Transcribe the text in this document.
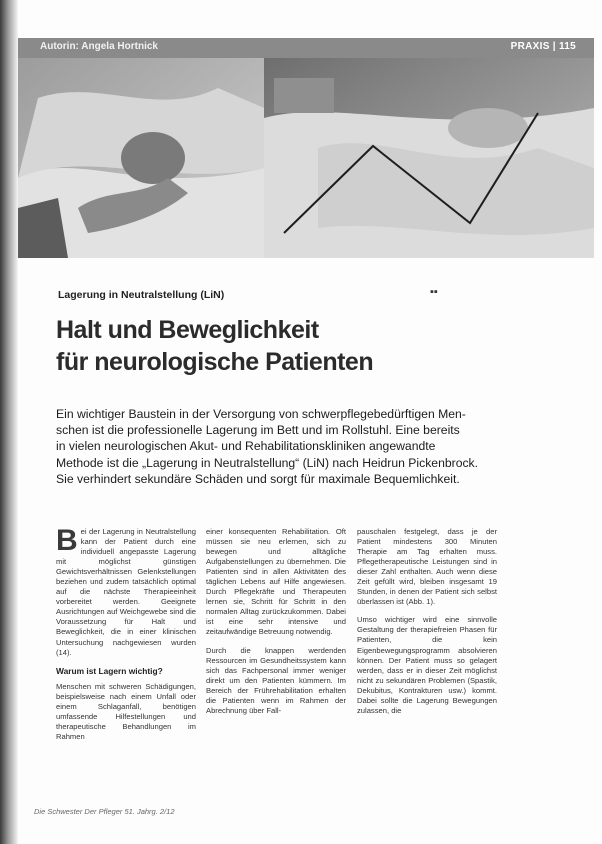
Autorin: Angela Hortnick	PRAXIS | 115
Lagerung in Neutralstellung (LiN)	▪▪
Halt und Beweglichkeit
für neurologische Patienten
Ein wichtiger Baustein in der Versorgung von schwerpflegebedürftigen Men-
schen ist die professionelle Lagerung im Bett und im Rollstuhl. Eine bereits
in vielen neurologischen Akut- und Rehabilitationskliniken angewandte
Methode ist die „Lagerung in Neutralstellung“ (LiN) nach Heidrun Pickenbrock.
Sie verhindert sekundäre Schäden und sorgt für maximale Bequemlichkeit.

Bei der Lagerung in Neutralstellung kann der Patient durch eine individuell angepasste Lagerung mit möglichst günstigen Gewichtsverhältnissen Gelenkstellungen beziehen und zudem tatsächlich optimal auf die nächste Therapieeinheit vorbereitet werden. Geeignete Ausrichtungen auf Weichgewebe sind die Voraussetzung für Halt und Beweglichkeit, die in einer klinischen Untersuchung nachgewiesen wurden (14).

Warum ist Lagern wichtig?

Menschen mit schweren Schädigungen, beispielsweise nach einem Unfall oder einem Schlaganfall, benötigen umfassende Hilfestellungen und therapeutische Behandlungen im Rahmen

einer konsequenten Rehabilitation. Oft müssen sie neu erlernen, sich zu bewegen und alltägliche Aufgabenstellungen zu übernehmen. Die Patienten sind in allen Aktivitäten des täglichen Lebens auf Hilfe angewiesen. Durch Pflegekräfte und Therapeuten lernen sie, Schritt für Schritt in den normalen Alltag zurückzukommen. Dabei ist eine sehr intensive und zeitaufwändige Betreuung notwendig.

Durch die knappen werdenden Ressourcen im Gesundheitssystem kann sich das Fachpersonal immer weniger direkt um den Patienten kümmern. Im Bereich der Frührehabilitation erhalten die Patienten wenn im Rahmen der Abrechnung über Fall-

pauschalen festgelegt, dass je der Patient mindestens 300 Minuten Therapie am Tag erhalten muss. Pflegetherapeutische Leistungen sind in dieser Zahl enthalten. Auch wenn diese Zeit gefüllt wird, bleiben insgesamt 19 Stunden, in denen der Patient sich selbst überlassen ist (Abb. 1).

Umso wichtiger wird eine sinnvolle Gestaltung der therapiefreien Phasen für Patienten, die kein Eigenbewegungsprogramm absolvieren können. Der Patient muss so gelagert werden, dass er in dieser Zeit möglichst nicht zu sekundären Problemen (Spastik, Dekubitus, Kontrakturen usw.) kommt. Dabei sollte die Lagerung Bewegungen zulassen, die

Die Schwester Der Pfleger 51. Jahrg. 2/12
